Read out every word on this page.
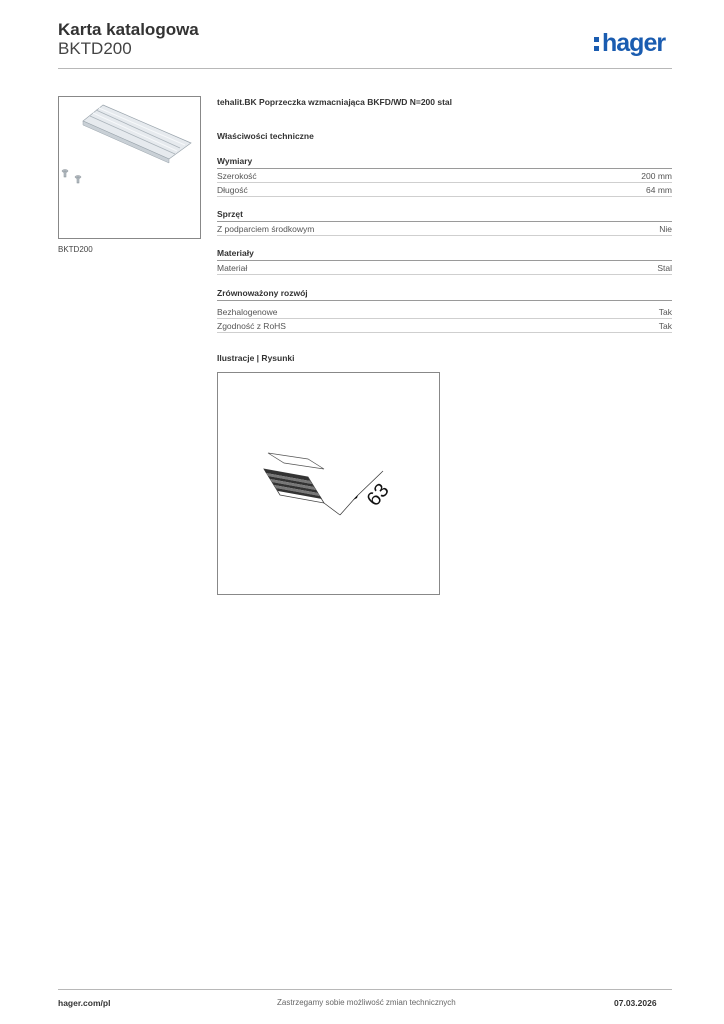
Karta katalogowa
BKTD200	hager
BKTD200
tehalit.BK Poprzeczka wzmacniająca BKFD/WD N=200 stal
Właściwości techniczne
Wymiary
Szerokość	200 mm
Długość	64 mm
Sprzęt
Z podparciem środkowym	Nie
Materiały
Materiał	Stal
Zrównoważony rozwój
Bezhalogenowe	Tak
Zgodność z RoHS	Tak
Ilustracje | Rysunki
63
hager.com/pl	Zastrzegamy sobie możliwość zmian technicznych	07.03.2026
